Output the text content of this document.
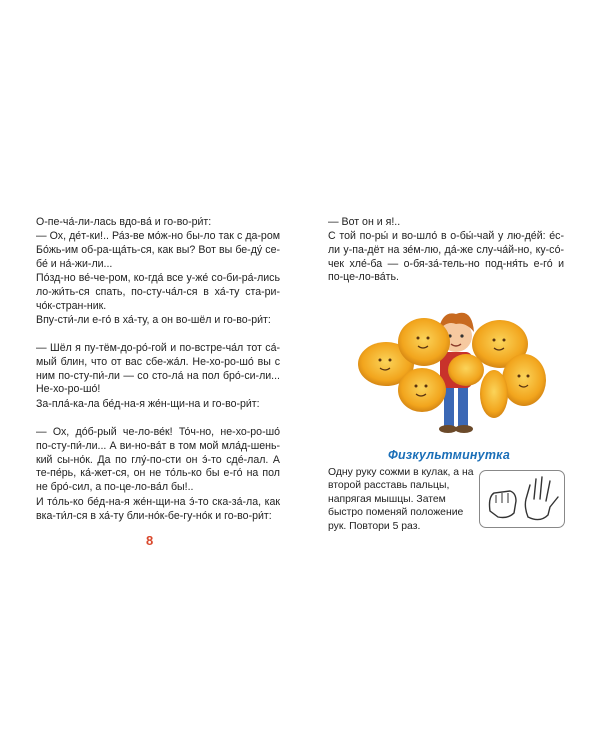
О-пе-ча́-ли-лась вдо-ва́ и го-во-ри́т:
— Ох, де́т-ки!.. Ра́з-ве мо́ж-но бы-ло так с да-ром Бо́жь-им об-ра-ща́ть-ся, как вы? Вот вы бе-ду́ се-бе́ и на́-жи-ли...
По́зд-но ве́-че-ром, ко-гда́ все у-же́ со-би-ра́-лись ло-жи́ть-ся спать, по-сту-ча́л-ся в ха́-ту ста-ри-чо́к-стран-ник.
Впу-сти́-ли е-го́ в ха́-ту, а он во-шёл и го-во-ри́т:
— Шёл я пу-тём-до-ро́-гой и по-встре-ча́л тот са́-мый блин, что от вас сбе-жа́л. Не-хо-ро-шо́ вы с ним по-сту-пи́-ли — со сто-ла́ на пол бро́-си-ли... Не-хо-ро-шо́!
За-пла́-ка-ла бе́д-на-я же́н-щи-на и го-во-ри́т:
— Ох, до́б-рый че-ло-ве́к! То́ч-но, не-хо-ро-шо́ по-сту-пи́-ли... А ви-но-ва́т в том мой мла́д-шень-кий сы-но́к. Да по глу́-по-сти он э́-то сде́-лал. А те-пе́рь, ка́-жет-ся, он не то́ль-ко бы е-го́ на пол не бро́-сил, а по-це-ло-ва́л бы!..
И то́ль-ко бе́д-на-я же́н-щи-на э́-то ска-за́-ла, как вка-ти́л-ся в ха́-ту бли-но́к-бе-гу-но́к и го-во-ри́т:
8
— Вот он и я!..
С той по-ры́ и во-шло́ в о-бы́-чай у лю-де́й: е́с-ли у-па-дёт на зе́м-лю, да́-же слу-ча́й-но, ку-со́-чек хле́-ба — о-бя-за́-тель-но под-ня́ть е-го́ и по-це-ло-ва́ть.
Физкультминутка
Одну руку сожми в кулак, а на второй расставь пальцы, напрягая мышцы. Затем быстро поменяй положение рук. Повтори 5 раз.
